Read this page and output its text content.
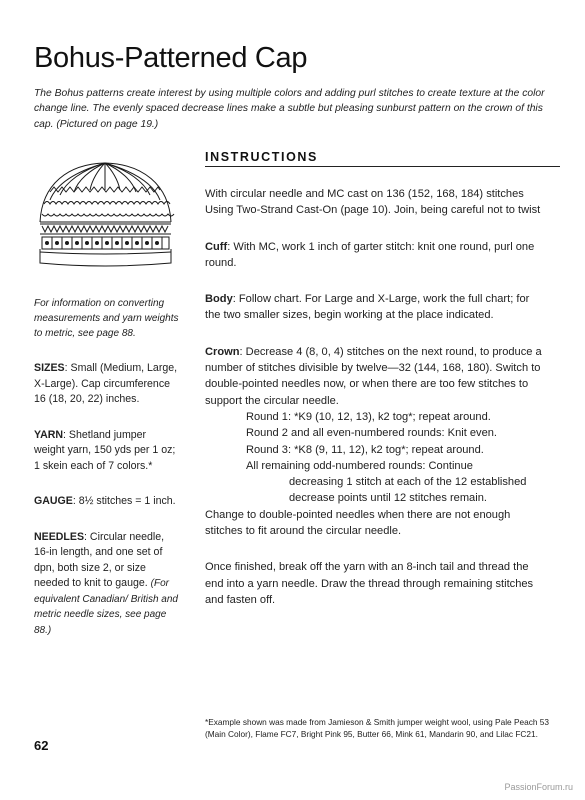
Bohus-Patterned Cap
The Bohus patterns create interest by using multiple colors and adding purl stitches to create texture at the color change line. The evenly spaced decrease lines make a subtle but pleasing sunburst pattern on the crown of this cap. (Pictured on page 19.)

For information on converting measurements and yarn weights to metric, see page 88.

SIZES: Small (Medium, Large, X-Large). Cap circumference 16 (18, 20, 22) inches.

YARN: Shetland jumper weight yarn, 150 yds per 1 oz; 1 skein each of 7 colors.*

GAUGE: 8½ stitches = 1 inch.

NEEDLES: Circular needle, 16-in length, and one set of dpn, both size 2, or size needed to knit to gauge. (For equivalent Canadian/ British and metric needle sizes, see page 88.)

INSTRUCTIONS

With circular needle and MC cast on 136 (152, 168, 184) stitches Using Two-Strand Cast-On (page 10). Join, being careful not to twist

Cuff: With MC, work 1 inch of garter stitch: knit one round, purl one round.

Body: Follow chart. For Large and X-Large, work the full chart; for the two smaller sizes, begin working at the place indicated.

Crown: Decrease 4 (8, 0, 4) stitches on the next round, to produce a number of stitches divisible by twelve—32 (144, 168, 180). Switch to double-pointed needles now, or when there are too few stitches to support the circular needle.

Round 1: *K9 (10, 12, 13), k2 tog*; repeat around.
Round 2 and all even-numbered rounds: Knit even.
Round 3: *K8 (9, 11, 12), k2 tog*; repeat around.
All remaining odd-numbered rounds: Continue
decreasing 1 stitch at each of the 12 established decrease points until 12 stitches remain.

Change to double-pointed needles when there are not enough stitches to fit around the circular needle.

Once finished, break off the yarn with an 8-inch tail and thread the end into a yarn needle. Draw the thread through remaining stitches and fasten off.

*Example shown was made from Jamieson & Smith jumper weight wool, using Pale Peach 53 (Main Color), Flame FC7, Bright Pink 95, Butter 66, Mink 61, Mandarin 90, and Lilac FC21.
62
PassionForum.ru
